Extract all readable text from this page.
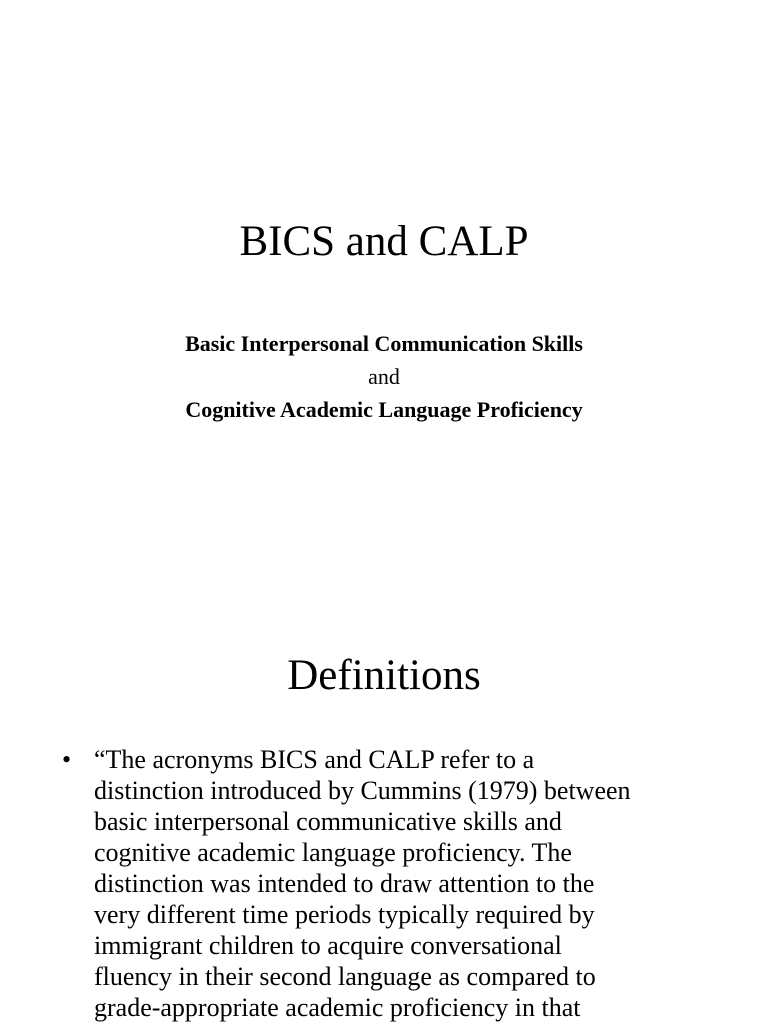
BICS and CALP
Basic Interpersonal Communication Skills
and
Cognitive Academic Language Proficiency
Definitions
• “The acronyms BICS and CALP refer to a
distinction introduced by Cummins (1979) between
basic interpersonal communicative skills and
cognitive academic language proficiency. The
distinction was intended to draw attention to the
very different time periods typically required by
immigrant children to acquire conversational
fluency in their second language as compared to
grade-appropriate academic proficiency in that
